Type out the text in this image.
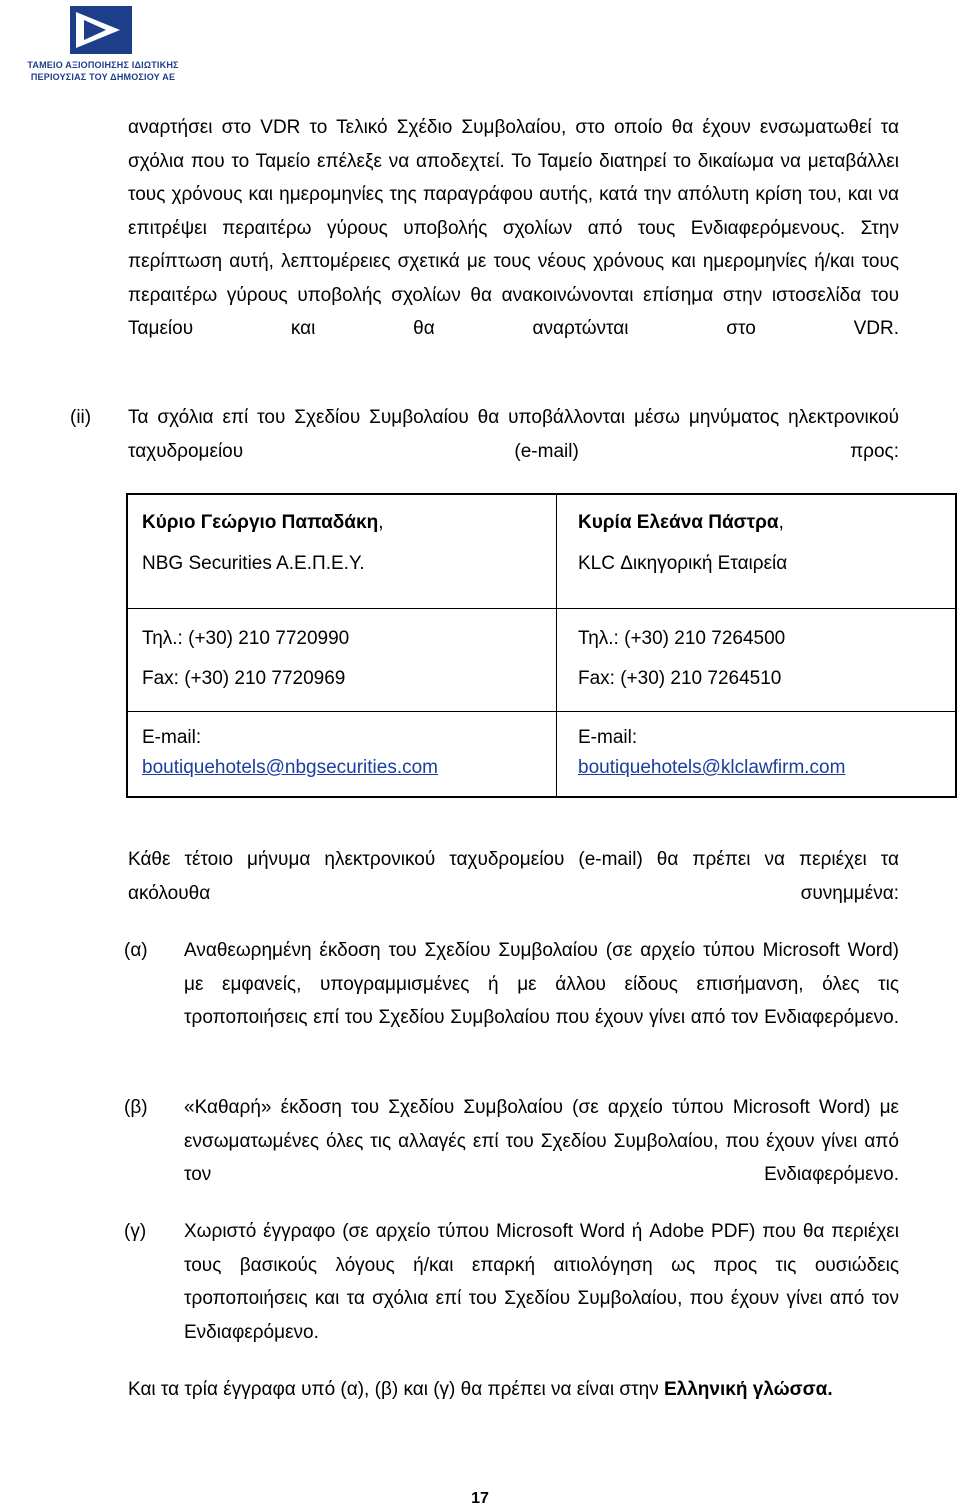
ΤΑΜΕΙΟ ΑΞΙΟΠΟΙΗΣΗΣ ΙΔΙΩΤΙΚΗΣ
ΠΕΡΙΟΥΣΙΑΣ ΤΟΥ ΔΗΜΟΣΙΟΥ ΑΕ
αναρτήσει στο VDR το Τελικό Σχέδιο Συμβολαίου, στο οποίο θα έχουν ενσωματωθεί τα σχόλια που το Ταμείο επέλεξε να αποδεχτεί. Το Ταμείο διατηρεί το δικαίωμα να μεταβάλλει τους χρόνους και ημερομηνίες της παραγράφου αυτής, κατά την απόλυτη κρίση του, και να επιτρέψει περαιτέρω γύρους υποβολής σχολίων από τους Ενδιαφερόμενους. Στην περίπτωση αυτή, λεπτομέρειες σχετικά με τους νέους χρόνους και ημερομηνίες ή/και τους περαιτέρω γύρους υποβολής σχολίων θα ανακοινώνονται επίσημα στην ιστοσελίδα του Ταμείου και θα αναρτώνται στο VDR.
(ii) Τα σχόλια επί του Σχεδίου Συμβολαίου θα υποβάλλονται μέσω μηνύματος ηλεκτρονικού ταχυδρομείου (e-mail) προς:
Κύριο Γεώργιο Παπαδάκη,
NBG Securities A.E.Π.Ε.Υ.
Τηλ.: (+30) 210 7720990
Fax: (+30) 210 7720969
E-mail:
boutiquehotels@nbgsecurities.com
Κυρία Ελεάνα Πάστρα,
KLC Δικηγορική Εταιρεία
Τηλ.: (+30) 210 7264500
Fax: (+30) 210 7264510
E-mail:
boutiquehotels@klclawfirm.com
Κάθε τέτοιο μήνυμα ηλεκτρονικού ταχυδρομείου (e-mail) θα πρέπει να περιέχει τα ακόλουθα συνημμένα:
(α) Αναθεωρημένη έκδοση του Σχεδίου Συμβολαίου (σε αρχείο τύπου Microsoft Word) με εμφανείς, υπογραμμισμένες ή με άλλου είδους επισήμανση, όλες τις τροποποιήσεις επί του Σχεδίου Συμβολαίου που έχουν γίνει από τον Ενδιαφερόμενο.
(β) «Καθαρή» έκδοση του Σχεδίου Συμβολαίου (σε αρχείο τύπου Microsoft Word) με ενσωματωμένες όλες τις αλλαγές επί του Σχεδίου Συμβολαίου, που έχουν γίνει από τον Ενδιαφερόμενο.
(γ) Χωριστό έγγραφο (σε αρχείο τύπου Microsoft Word ή Adobe PDF) που θα περιέχει τους βασικούς λόγους ή/και επαρκή αιτιολόγηση ως προς τις ουσιώδεις τροποποιήσεις και τα σχόλια επί του Σχεδίου Συμβολαίου, που έχουν γίνει από τον Ενδιαφερόμενο.
Και τα τρία έγγραφα υπό (α), (β) και (γ) θα πρέπει να είναι στην Ελληνική γλώσσα.
17
